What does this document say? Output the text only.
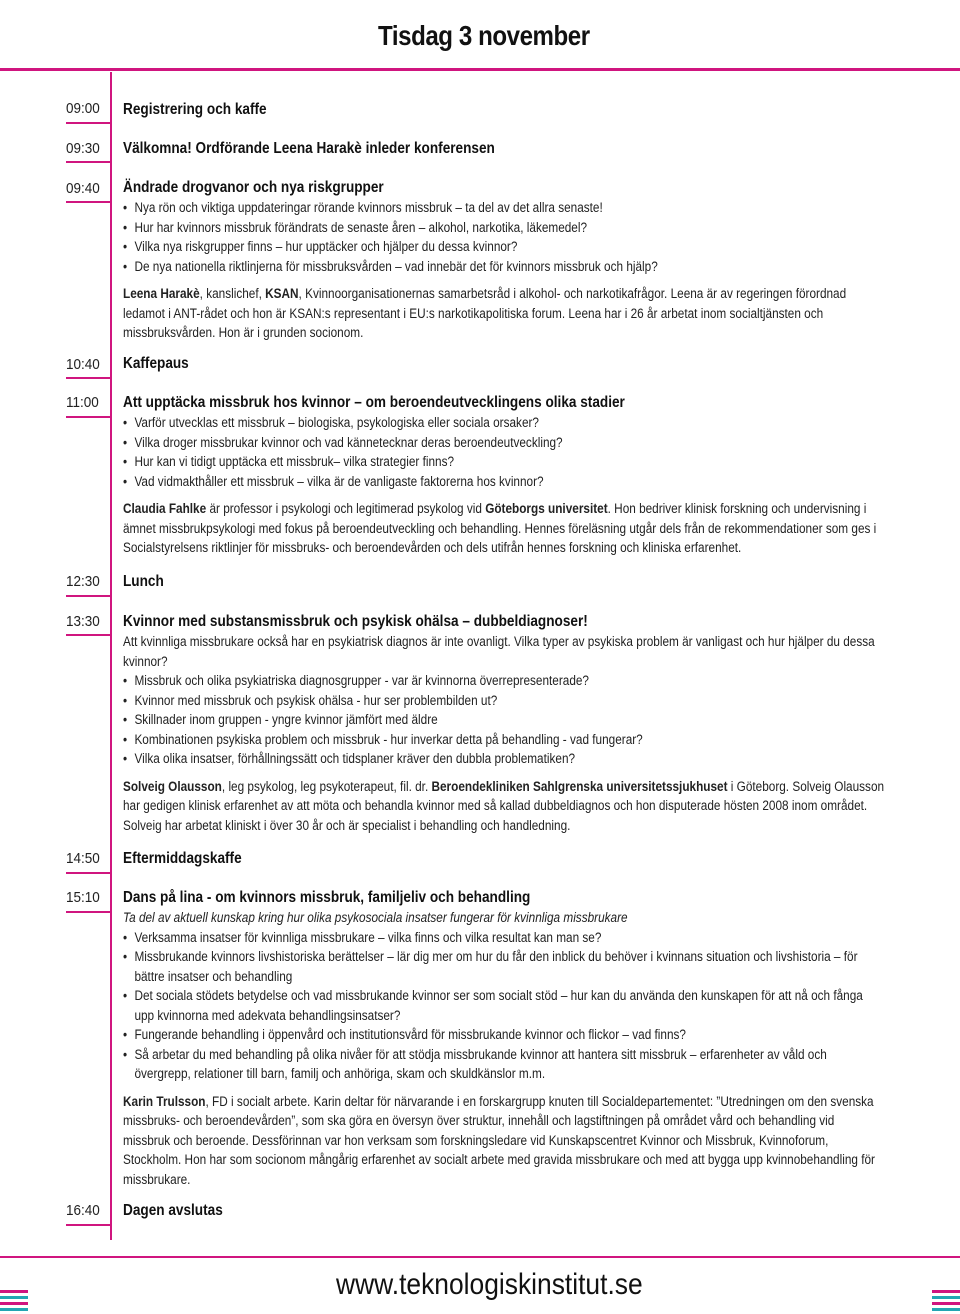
Tisdag 3 november
09:00 Registrering och kaffe
09:30 Välkomna! Ordförande Leena Harakè inleder konferensen
09:40 Ändrade drogvanor och nya riskgrupper
• Nya rön och viktiga uppdateringar rörande kvinnors missbruk – ta del av det allra senaste!
• Hur har kvinnors missbruk förändrats de senaste åren – alkohol, narkotika, läkemedel?
• Vilka nya riskgrupper finns – hur upptäcker och hjälper du dessa kvinnor?
• De nya nationella riktlinjerna för missbruksvården – vad innebär det för kvinnors missbruk och hjälp?
Leena Harakè, kanslichef, KSAN, Kvinnoorganisationernas samarbetsråd i alkohol- och narkotikafrågor. Leena är av regeringen förordnad ledamot i ANT-rådet och hon är KSAN:s representant i EU:s narkotikapolitiska forum. Leena har i 26 år arbetat inom socialtjänsten och missbruksvården. Hon är i grunden socionom.
10:40 Kaffepaus
11:00 Att upptäcka missbruk hos kvinnor – om beroendeutvecklingens olika stadier
• Varför utvecklas ett missbruk – biologiska, psykologiska eller sociala orsaker?
• Vilka droger missbrukar kvinnor och vad kännetecknar deras beroendeutveckling?
• Hur kan vi tidigt upptäcka ett missbruk– vilka strategier finns?
• Vad vidmakthåller ett missbruk – vilka är de vanligaste faktorerna hos kvinnor?
Claudia Fahlke är professor i psykologi och legitimerad psykolog vid Göteborgs universitet. Hon bedriver klinisk forskning och undervisning i ämnet missbrukpsykologi med fokus på beroendeutveckling och behandling. Hennes föreläsning utgår dels från de rekommendationer som ges i Socialstyrelsens riktlinjer för missbruks- och beroendevården och dels utifrån hennes forskning och kliniska erfarenhet.
12:30 Lunch
13:30 Kvinnor med substansmissbruk och psykisk ohälsa – dubbeldiagnoser!
Att kvinnliga missbrukare också har en psykiatrisk diagnos är inte ovanligt. Vilka typer av psykiska problem är vanligast och hur hjälper du dessa kvinnor?
• Missbruk och olika psykiatriska diagnosgrupper - var är kvinnorna överrepresenterade?
• Kvinnor med missbruk och psykisk ohälsa - hur ser problembilden ut?
• Skillnader inom gruppen - yngre kvinnor jämfört med äldre
• Kombinationen psykiska problem och missbruk - hur inverkar detta på behandling - vad fungerar?
• Vilka olika insatser, förhållningssätt och tidsplaner kräver den dubbla problematiken?
Solveig Olausson, leg psykolog, leg psykoterapeut, fil. dr. Beroendekliniken Sahlgrenska universitetssjukhuset i Göteborg. Solveig Olausson har gedigen klinisk erfarenhet av att möta och behandla kvinnor med så kallad dubbeldiagnos och hon disputerade hösten 2008 inom området. Solveig har arbetat kliniskt i över 30 år och är specialist i behandling och handledning.
14:50 Eftermiddagskaffe
15:10 Dans på lina - om kvinnors missbruk, familjeliv och behandling
Ta del av aktuell kunskap kring hur olika psykosociala insatser fungerar för kvinnliga missbrukare
• Verksamma insatser för kvinnliga missbrukare – vilka finns och vilka resultat kan man se?
• Missbrukande kvinnors livshistoriska berättelser – lär dig mer om hur du får den inblick du behöver i kvinnans situation och livshistoria – för bättre insatser och behandling
• Det sociala stödets betydelse och vad missbrukande kvinnor ser som socialt stöd – hur kan du använda den kunskapen för att nå och fånga upp kvinnorna med adekvata behandlingsinsatser?
• Fungerande behandling i öppenvård och institutionsvård för missbrukande kvinnor och flickor – vad finns?
• Så arbetar du med behandling på olika nivåer för att stödja missbrukande kvinnor att hantera sitt missbruk – erfarenheter av våld och övergrepp, relationer till barn, familj och anhöriga, skam och skuldkänslor m.m.
Karin Trulsson, FD i socialt arbete. Karin deltar för närvarande i en forskargrupp knuten till Socialdepartementet: ”Utredningen om den svenska missbruks- och beroendevården”, som ska göra en översyn över struktur, innehåll och lagstiftningen på området vård och behandling vid missbruk och beroende. Dessförinnan var hon verksam som forskningsledare vid Kunskapscentret Kvinnor och Missbruk, Kvinnoforum, Stockholm. Hon har som socionom mångårig erfarenhet av socialt arbete med gravida missbrukare och med att bygga upp kvinnobehandling för missbrukare.
16:40 Dagen avslutas
www.teknologiskinstitut.se
